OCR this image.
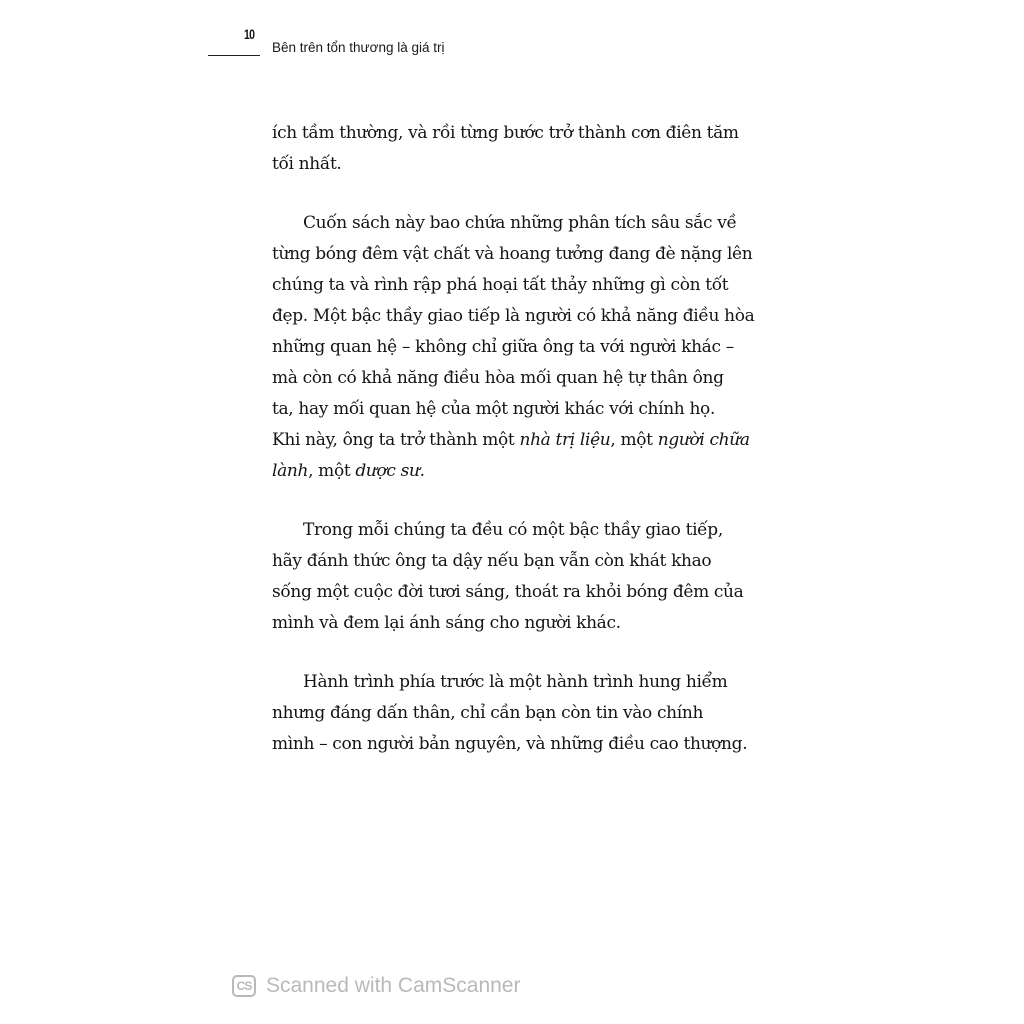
10
Bên trên tổn thương là giá trị
ích tầm thường, và rồi từng bước trở thành cơn điên tăm
tối nhất.
Cuốn sách này bao chứa những phân tích sâu sắc về
từng bóng đêm vật chất và hoang tưởng đang đè nặng lên
chúng ta và rình rập phá hoại tất thảy những gì còn tốt
đẹp. Một bậc thầy giao tiếp là người có khả năng điều hòa
những quan hệ – không chỉ giữa ông ta với người khác –
mà còn có khả năng điều hòa mối quan hệ tự thân ông
ta, hay mối quan hệ của một người khác với chính họ.
Khi này, ông ta trở thành một nhà trị liệu, một người chữa
lành, một dược sư.
Trong mỗi chúng ta đều có một bậc thầy giao tiếp,
hãy đánh thức ông ta dậy nếu bạn vẫn còn khát khao
sống một cuộc đời tươi sáng, thoát ra khỏi bóng đêm của
mình và đem lại ánh sáng cho người khác.
Hành trình phía trước là một hành trình hung hiểm
nhưng đáng dấn thân, chỉ cần bạn còn tin vào chính
mình – con người bản nguyên, và những điều cao thượng.
CS Scanned with CamScanner
